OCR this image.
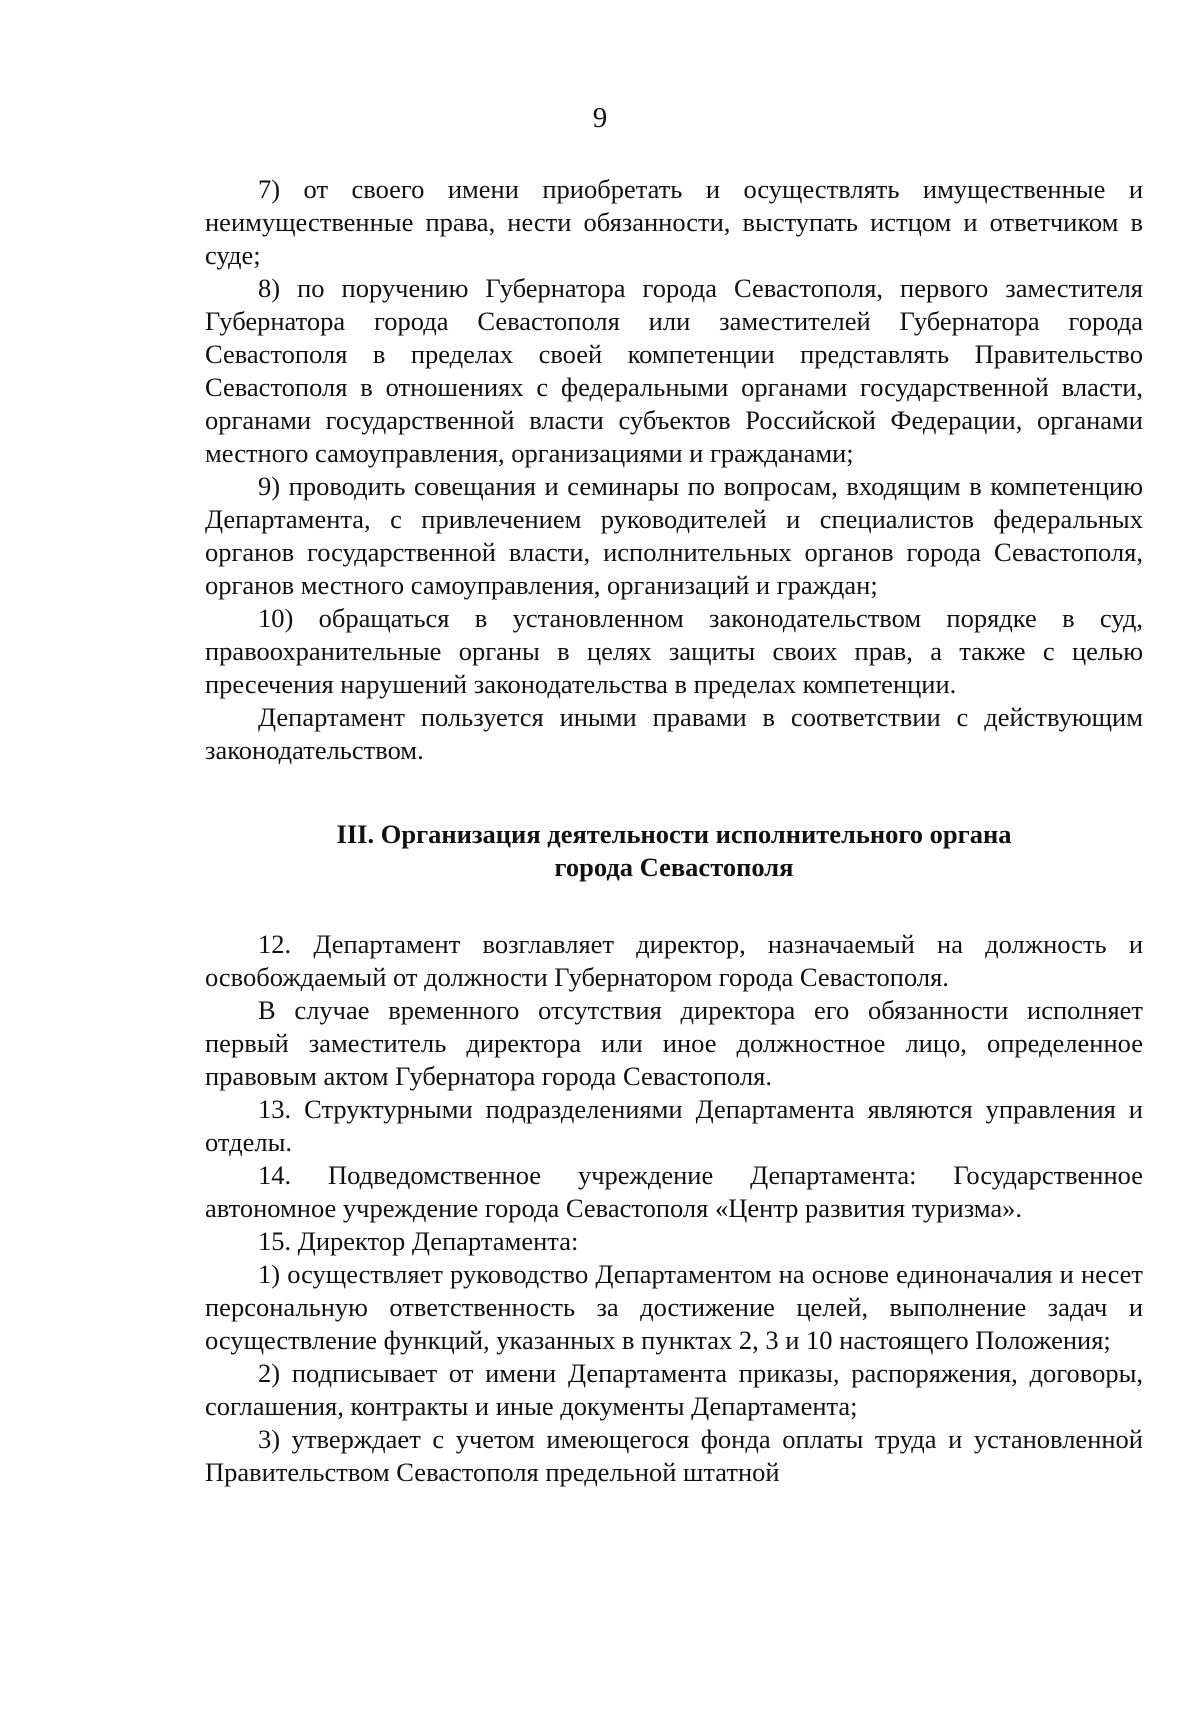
9

7) от своего имени приобретать и осуществлять имущественные и неимущественные права, нести обязанности, выступать истцом и ответчиком в суде;

8) по поручению Губернатора города Севастополя, первого заместителя Губернатора города Севастополя или заместителей Губернатора города Севастополя в пределах своей компетенции представлять Правительство Севастополя в отношениях с федеральными органами государственной власти, органами государственной власти субъектов Российской Федерации, органами местного самоуправления, организациями и гражданами;

9) проводить совещания и семинары по вопросам, входящим в компетенцию Департамента, с привлечением руководителей и специалистов федеральных органов государственной власти, исполнительных органов города Севастополя, органов местного самоуправления, организаций и граждан;

10) обращаться в установленном законодательством порядке в суд, правоохранительные органы в целях защиты своих прав, а также с целью пресечения нарушений законодательства в пределах компетенции.

Департамент пользуется иными правами в соответствии с действующим законодательством.

III. Организация деятельности исполнительного органа
города Севастополя

12. Департамент возглавляет директор, назначаемый на должность и освобождаемый от должности Губернатором города Севастополя.

В случае временного отсутствия директора его обязанности исполняет первый заместитель директора или иное должностное лицо, определенное правовым актом Губернатора города Севастополя.

13. Структурными подразделениями Департамента являются управления и отделы.

14. Подведомственное учреждение Департамента: Государственное автономное учреждение города Севастополя «Центр развития туризма».

15. Директор Департамента:

1) осуществляет руководство Департаментом на основе единоначалия и несет персональную ответственность за достижение целей, выполнение задач и осуществление функций, указанных в пунктах 2, 3 и 10 настоящего Положения;

2) подписывает от имени Департамента приказы, распоряжения, договоры, соглашения, контракты и иные документы Департамента;

3) утверждает с учетом имеющегося фонда оплаты труда и установленной Правительством Севастополя предельной штатной
